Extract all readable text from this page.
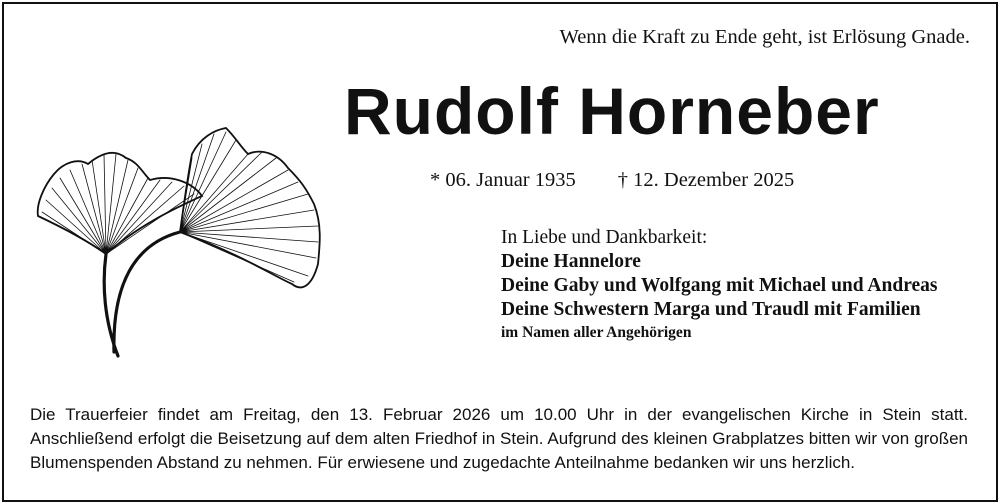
Wenn die Kraft zu Ende geht, ist Erlösung Gnade.
Rudolf Horneber
* 06. Januar 1935 † 12. Dezember 2025
In Liebe und Dankbarkeit:
Deine Hannelore
Deine Gaby und Wolfgang mit Michael und Andreas
Deine Schwestern Marga und Traudl mit Familien
im Namen aller Angehörigen
Die Trauerfeier findet am Freitag, den 13. Februar 2026 um 10.00 Uhr in der evangelischen Kirche in Stein statt. Anschließend erfolgt die Beisetzung auf dem alten Friedhof in Stein. Aufgrund des kleinen Grabplatzes bitten wir von großen Blumenspenden Abstand zu nehmen. Für erwiesene und zugedachte Anteilnahme bedanken wir uns herzlich.
